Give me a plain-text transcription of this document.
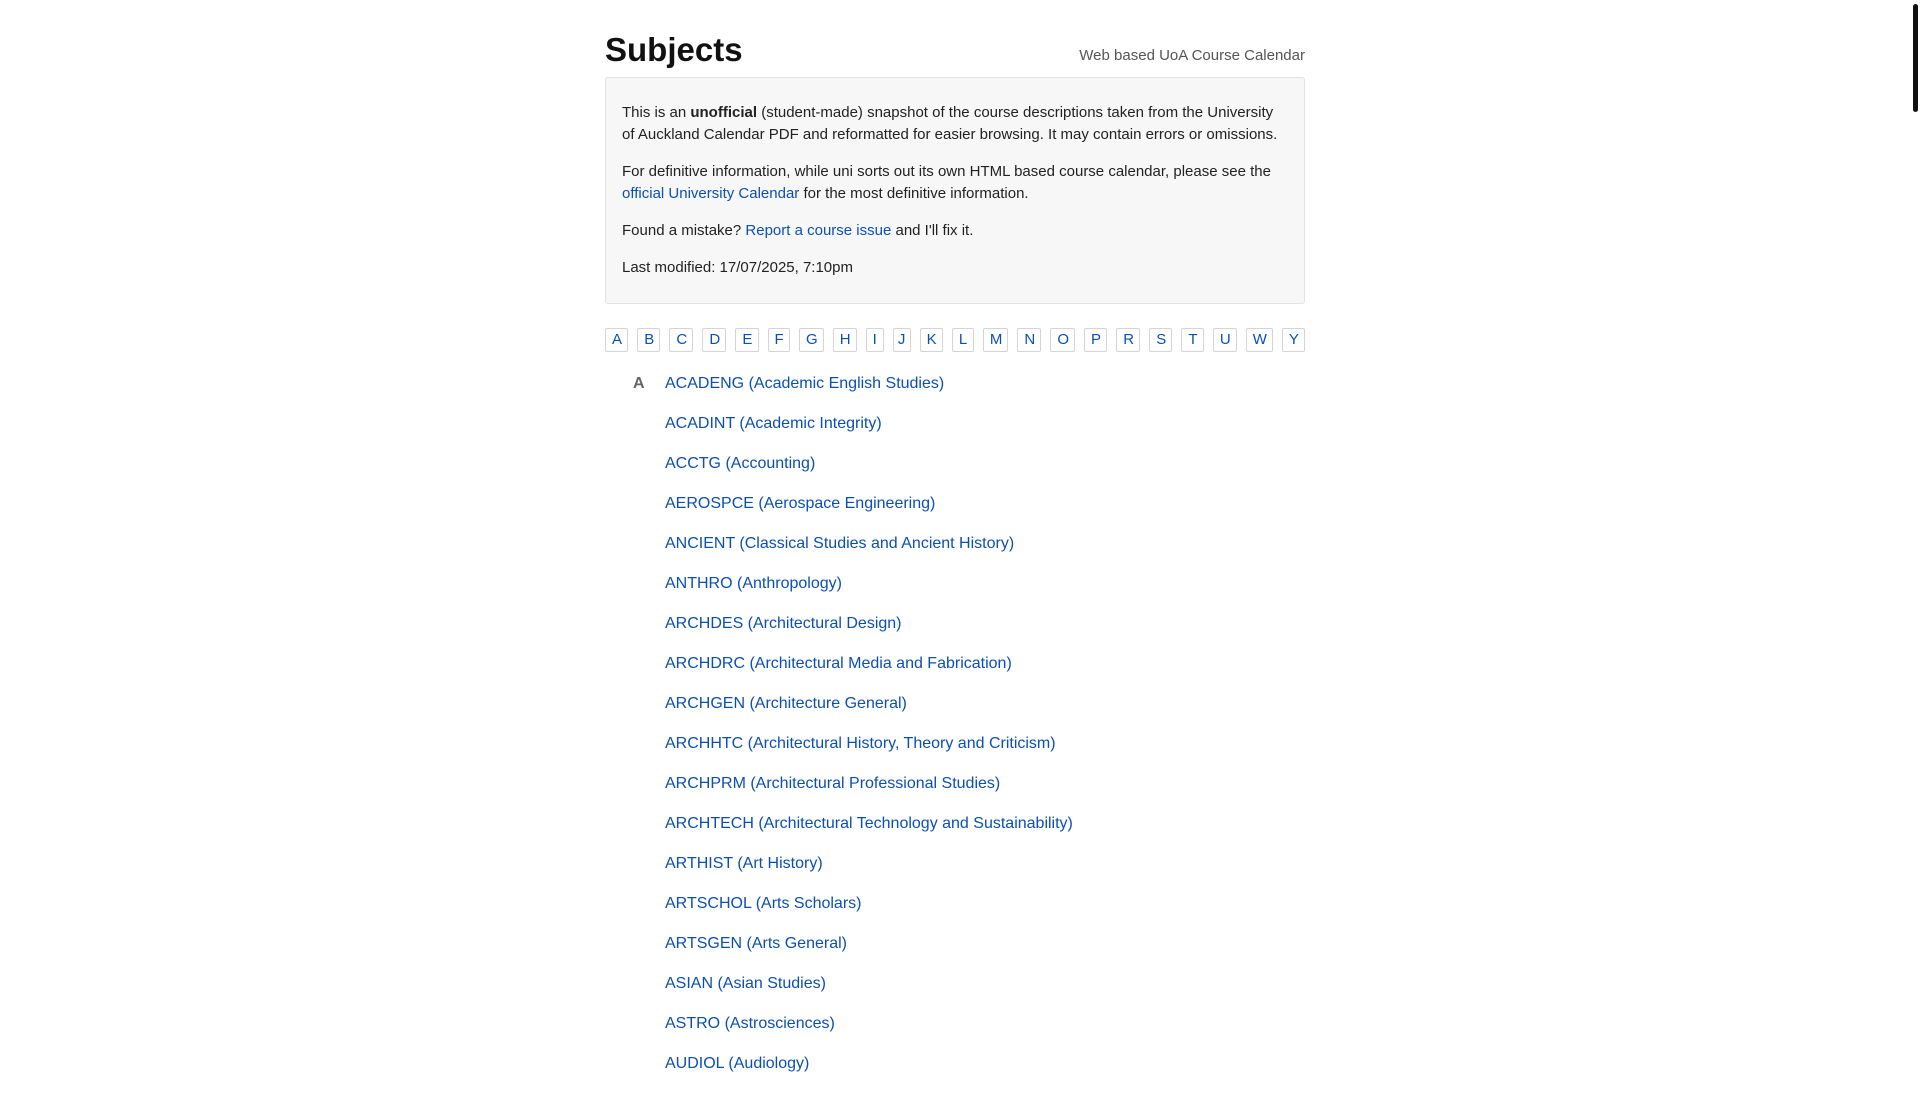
Subjects	Web based UoA Course Calendar

This is an unofficial (student-made) snapshot of the course descriptions taken from the University of Auckland Calendar PDF and reformatted for easier browsing. It may contain errors or omissions.

For definitive information, while uni sorts out its own HTML based course calendar, please see the official University Calendar for the most definitive information.

Found a mistake? Report a course issue and I'll fix it.

Last modified: 17/07/2025, 7:10pm

A	B	C	D	E	F	G	H	I	J	K	L	M	N	O	P	R	S	T	U	W	Y
A ACADENG (Academic English Studies)
ACADINT (Academic Integrity)
ACCTG (Accounting)
AEROSPCE (Aerospace Engineering)
ANCIENT (Classical Studies and Ancient History)
ANTHRO (Anthropology)
ARCHDES (Architectural Design)
ARCHDRC (Architectural Media and Fabrication)
ARCHGEN (Architecture General)
ARCHHTC (Architectural History, Theory and Criticism)
ARCHPRM (Architectural Professional Studies)
ARCHTECH (Architectural Technology and Sustainability)
ARTHIST (Art History)
ARTSCHOL (Arts Scholars)
ARTSGEN (Arts General)
ASIAN (Asian Studies)
ASTRO (Astrosciences)
AUDIOL (Audiology)
